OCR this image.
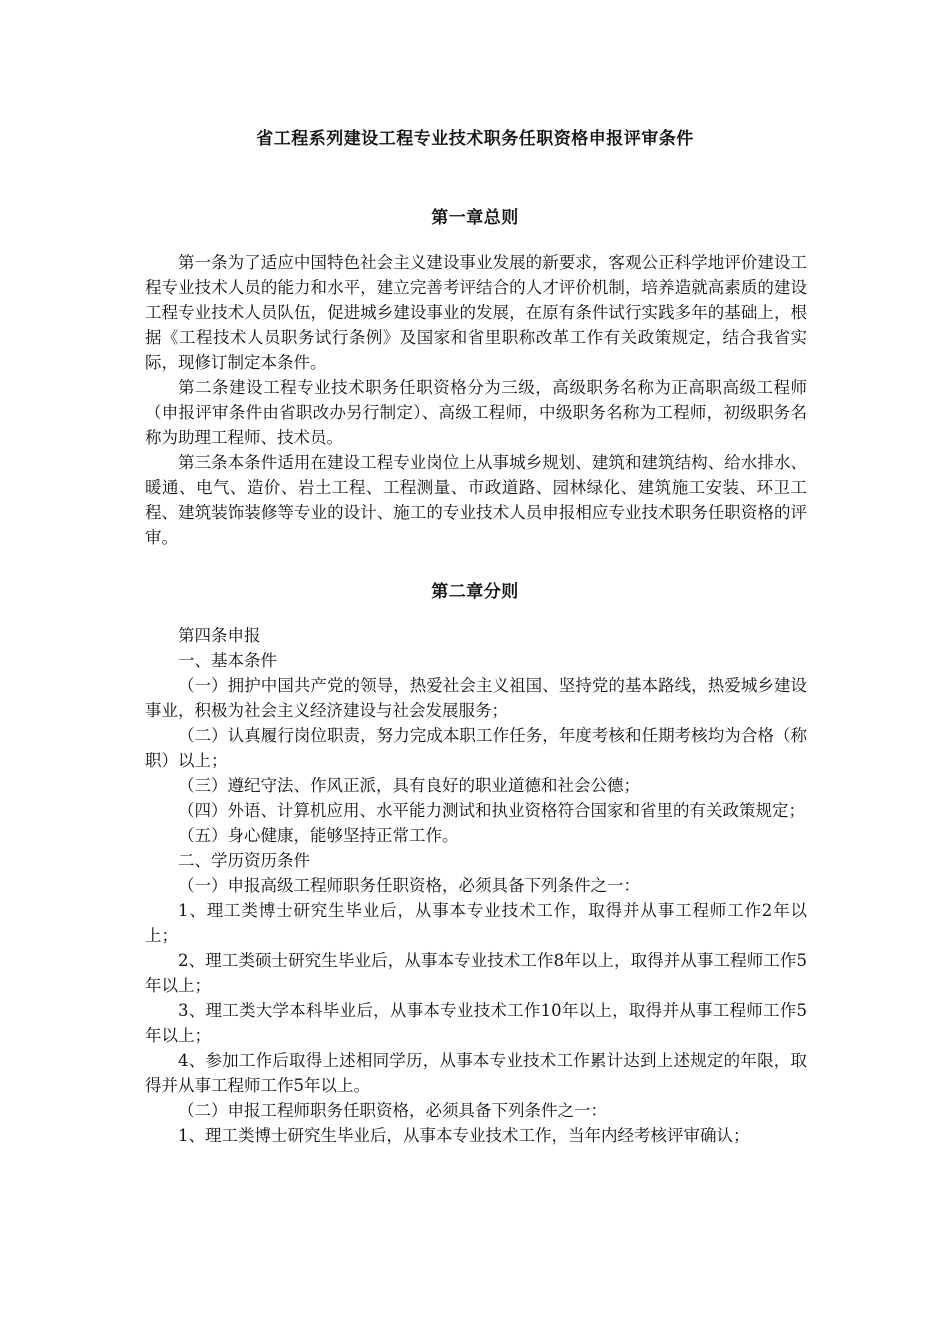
省工程系列建设工程专业技术职务任职资格申报评审条件
第一章总则

第一条为了适应中国特色社会主义建设事业发展的新要求，客观公正科学地评价建设工程专业技术人员的能力和水平，建立完善考评结合的人才评价机制，培养造就高素质的建设工程专业技术人员队伍，促进城乡建设事业的发展，在原有条件试行实践多年的基础上，根据《工程技术人员职务试行条例》及国家和省里职称改革工作有关政策规定，结合我省实际，现修订制定本条件。

第二条建设工程专业技术职务任职资格分为三级，高级职务名称为正高职高级工程师（申报评审条件由省职改办另行制定）、高级工程师，中级职务名称为工程师，初级职务名称为助理工程师、技术员。

第三条本条件适用在建设工程专业岗位上从事城乡规划、建筑和建筑结构、给水排水、暖通、电气、造价、岩土工程、工程测量、市政道路、园林绿化、建筑施工安装、环卫工程、建筑装饰装修等专业的设计、施工的专业技术人员申报相应专业技术职务任职资格的评审。

第二章分则

第四条申报

一、基本条件

（一）拥护中国共产党的领导，热爱社会主义祖国、坚持党的基本路线，热爱城乡建设事业，积极为社会主义经济建设与社会发展服务；

（二）认真履行岗位职责，努力完成本职工作任务，年度考核和任期考核均为合格（称职）以上；

（三）遵纪守法、作风正派，具有良好的职业道德和社会公德；

（四）外语、计算机应用、水平能力测试和执业资格符合国家和省里的有关政策规定；

（五）身心健康，能够坚持正常工作。

二、学历资历条件

（一）申报高级工程师职务任职资格，必须具备下列条件之一：

1、理工类博士研究生毕业后，从事本专业技术工作，取得并从事工程师工作2年以上；

2、理工类硕士研究生毕业后，从事本专业技术工作8年以上，取得并从事工程师工作5年以上；

3、理工类大学本科毕业后，从事本专业技术工作10年以上，取得并从事工程师工作5年以上；

4、参加工作后取得上述相同学历，从事本专业技术工作累计达到上述规定的年限，取得并从事工程师工作5年以上。

（二）申报工程师职务任职资格，必须具备下列条件之一：

1、理工类博士研究生毕业后，从事本专业技术工作，当年内经考核评审确认；
